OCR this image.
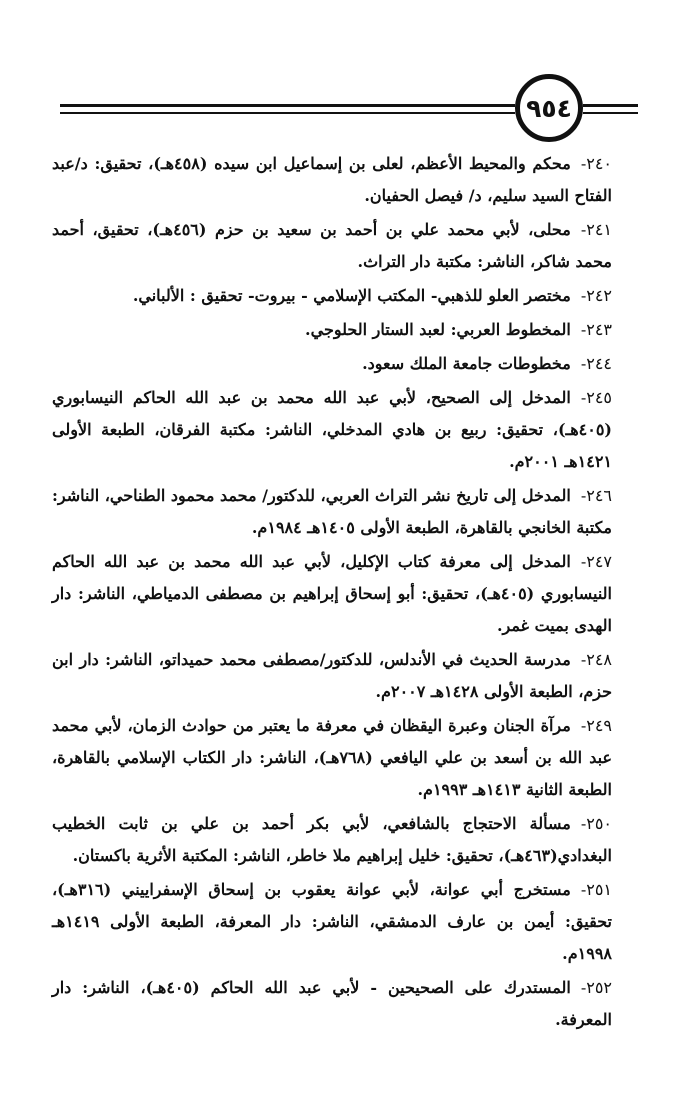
٩٥٤

٢٤٠-محكم والمحيط الأعظم، لعلى بن إسماعيل ابن سيده (٤٥٨هـ)، تحقيق: د/عبد الفتاح السيد سليم، د/ فيصل الحفيان.

٢٤١-محلى، لأبي محمد علي بن أحمد بن سعيد بن حزم (٤٥٦هـ)، تحقيق، أحمد محمد شاكر، الناشر: مكتبة دار التراث.

٢٤٢-مختصر العلو للذهبي- المكتب الإسلامي - بيروت- تحقيق : الألباني.

٢٤٣-المخطوط العربي: لعبد الستار الحلوجي.

٢٤٤-مخطوطات جامعة الملك سعود.

٢٤٥-المدخل إلى الصحيح، لأبي عبد الله محمد بن عبد الله الحاكم النيسابوري (٤٠٥هـ)، تحقيق: ربيع بن هادي المدخلي، الناشر: مكتبة الفرقان، الطبعة الأولى ١٤٢١هـ ٢٠٠١م.

٢٤٦-المدخل إلى تاريخ نشر التراث العربي، للدكتور/ محمد محمود الطناحي، الناشر: مكتبة الخانجي بالقاهرة، الطبعة الأولى ١٤٠٥هـ ١٩٨٤م.

٢٤٧-المدخل إلى معرفة كتاب الإكليل، لأبي عبد الله محمد بن عبد الله الحاكم النيسابوري (٤٠٥هـ)، تحقيق: أبو إسحاق إبراهيم بن مصطفى الدمياطي، الناشر: دار الهدى بميت غمر.

٢٤٨-مدرسة الحديث في الأندلس، للدكتور/مصطفى محمد حميداتو، الناشر: دار ابن حزم، الطبعة الأولى ١٤٢٨هـ ٢٠٠٧م.

٢٤٩-مرآة الجنان وعبرة اليقظان في معرفة ما يعتبر من حوادث الزمان، لأبي محمد عبد الله بن أسعد بن علي اليافعي (٧٦٨هـ)، الناشر: دار الكتاب الإسلامي بالقاهرة، الطبعة الثانية ١٤١٣هـ ١٩٩٣م.

٢٥٠-مسألة الاحتجاج بالشافعي، لأبي بكر أحمد بن علي بن ثابت الخطيب البغدادي(٤٦٣هـ)، تحقيق: خليل إبراهيم ملا خاطر، الناشر: المكتبة الأثرية باكستان.

٢٥١-مستخرج أبي عوانة، لأبي عوانة يعقوب بن إسحاق الإسفراييني (٣١٦هـ)، تحقيق: أيمن بن عارف الدمشقي، الناشر: دار المعرفة، الطبعة الأولى ١٤١٩هـ ١٩٩٨م.

٢٥٢-المستدرك على الصحيحين - لأبي عبد الله الحاكم (٤٠٥هـ)، الناشر: دار المعرفة.
